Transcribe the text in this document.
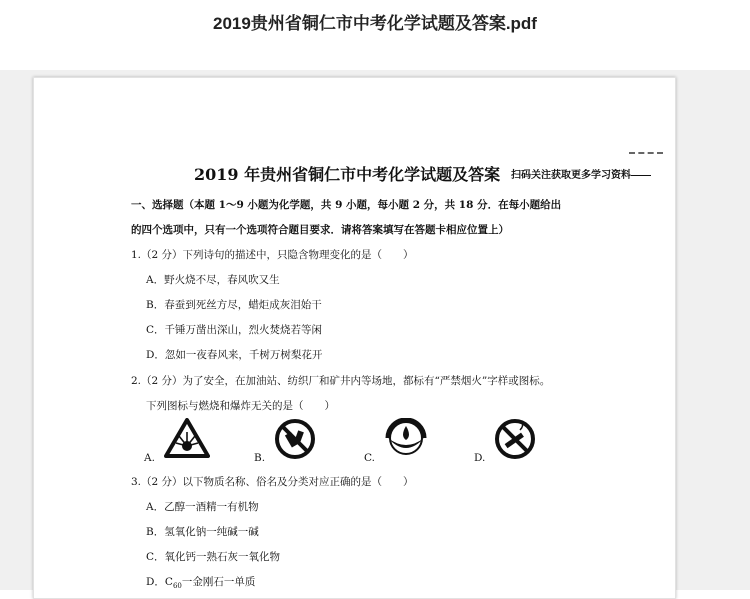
2019贵州省铜仁市中考化学试题及答案.pdf
2019 年贵州省铜仁市中考化学试题及答案 扫码关注获取更多学习资料——
一、选择题（本题 1～9 小题为化学题，共 9 小题，每小题 2 分，共 18 分．在每小题给出
的四个选项中，只有一个选项符合题目要求．请将答案填写在答题卡相应位置上）
1.（2 分）下列诗句的描述中，只隐含物理变化的是（　　）
A．野火烧不尽，春风吹又生
B．春蚕到死丝方尽，蜡炬成灰泪始干
C．千锤万凿出深山，烈火焚烧若等闲
D．忽如一夜春风来，千树万树梨花开
2.（2 分）为了安全，在加油站、纺织厂和矿井内等场地，都标有“严禁烟火”字样或图标。
下列图标与燃烧和爆炸无关的是（　　）
A.	B.	C.	D.
3.（2 分）以下物质名称、俗名及分类对应正确的是（　　）
A．乙醇一酒精一有机物
B．氢氧化钠一纯碱一碱
C．氧化钙一熟石灰一氧化物
D．$C_{60}$一金刚石一单质
